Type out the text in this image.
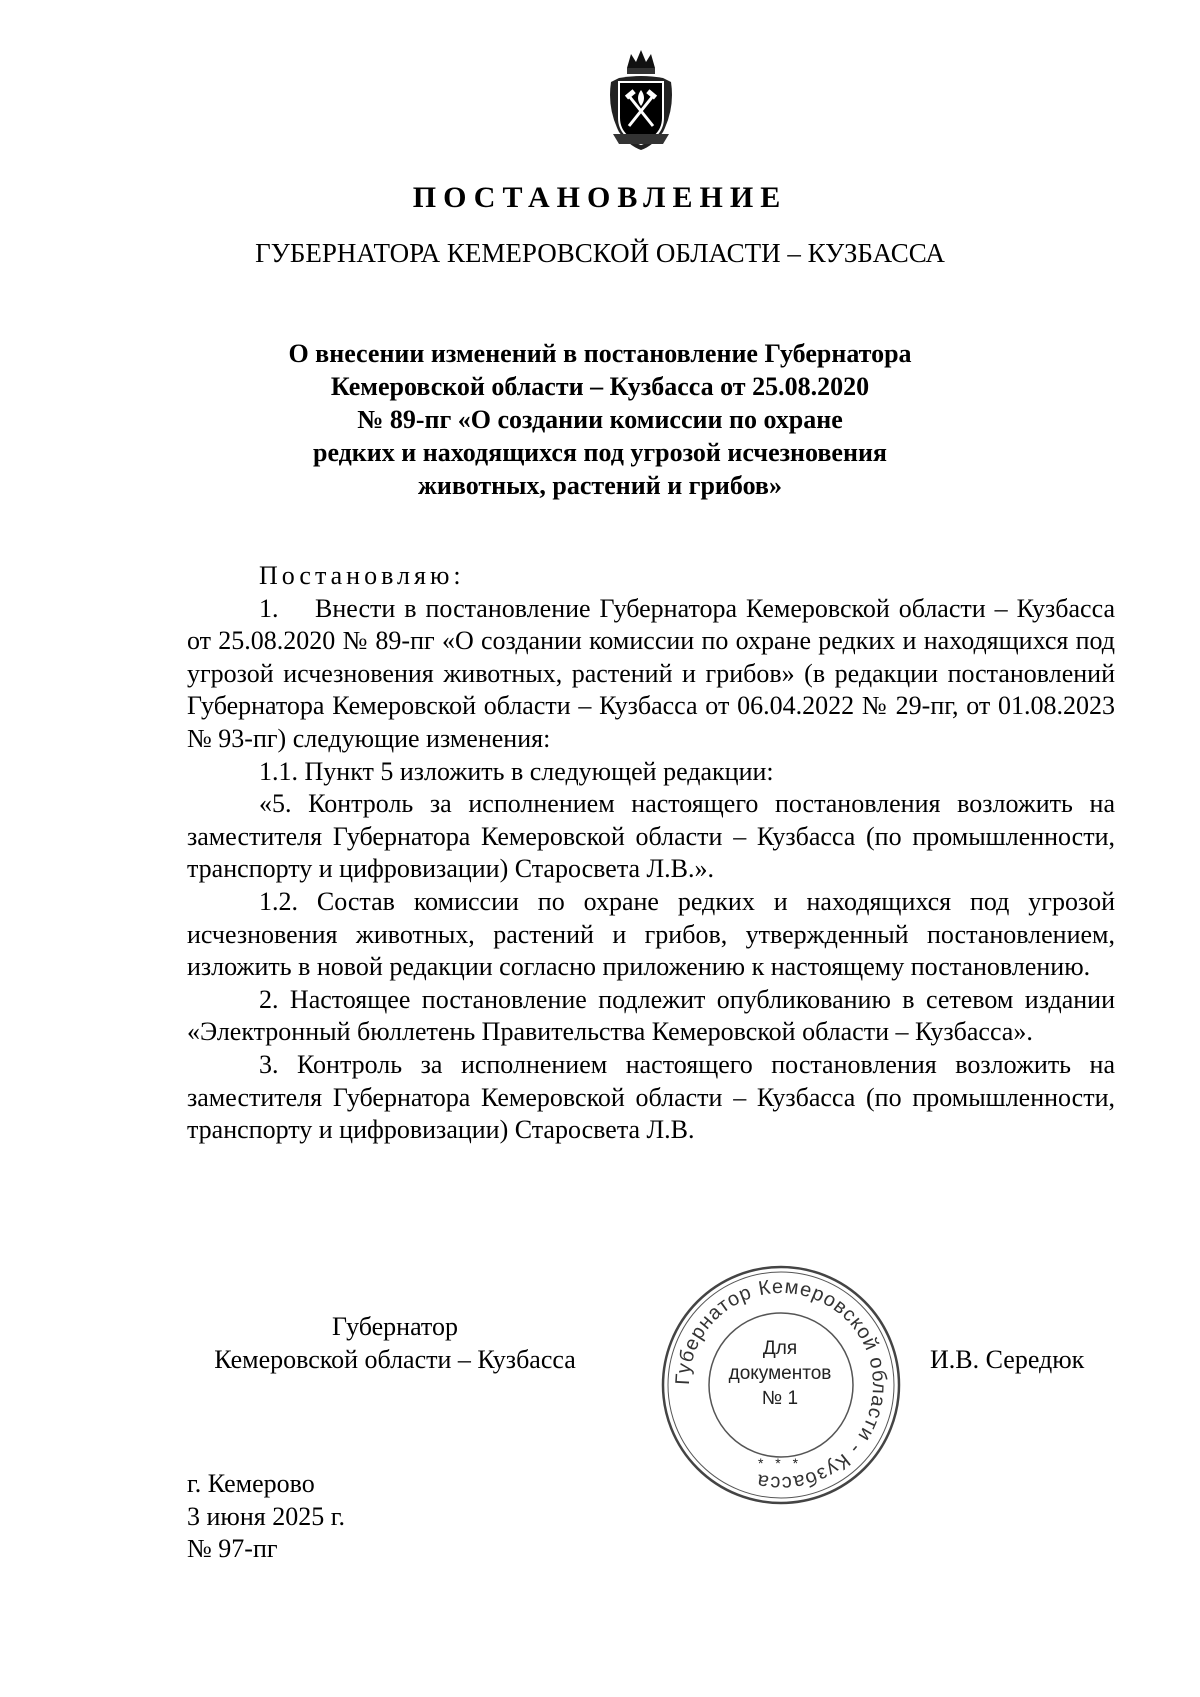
ПОСТАНОВЛЕНИЕ
ГУБЕРНАТОРА КЕМЕРОВСКОЙ ОБЛАСТИ – КУЗБАССА
О внесении изменений в постановление Губернатора
Кемеровской области – Кузбасса от 25.08.2020
№ 89-пг «О создании комиссии по охране
редких и находящихся под угрозой исчезновения
животных, растений и грибов»

Постановляю:

1. Внести в постановление Губернатора Кемеровской области – Кузбасса от 25.08.2020 № 89-пг «О создании комиссии по охране редких и находящихся под угрозой исчезновения животных, растений и грибов» (в редакции постановлений Губернатора Кемеровской области – Кузбасса от 06.04.2022 № 29-пг, от 01.08.2023 № 93-пг) следующие изменения:

1.1. Пункт 5 изложить в следующей редакции:

«5. Контроль за исполнением настоящего постановления возложить на заместителя Губернатора Кемеровской области – Кузбасса (по промышленности, транспорту и цифровизации) Старосвета Л.В.».

1.2. Состав комиссии по охране редких и находящихся под угрозой исчезновения животных, растений и грибов, утвержденный постановлением, изложить в новой редакции согласно приложению к настоящему постановлению.

2. Настоящее постановление подлежит опубликованию в сетевом издании «Электронный бюллетень Правительства Кемеровской области – Кузбасса».

3. Контроль за исполнением настоящего постановления возложить на заместителя Губернатора Кемеровской области – Кузбасса (по промышленности, транспорту и цифровизации) Старосвета Л.В.

Губернатор
Кемеровской области – Кузбасса
Губернатор Кемеровской области - Кузбасса
Для
документов
№ 1
* * *
И.В. Середюк
г. Кемерово
3 июня 2025 г.
№ 97-пг
